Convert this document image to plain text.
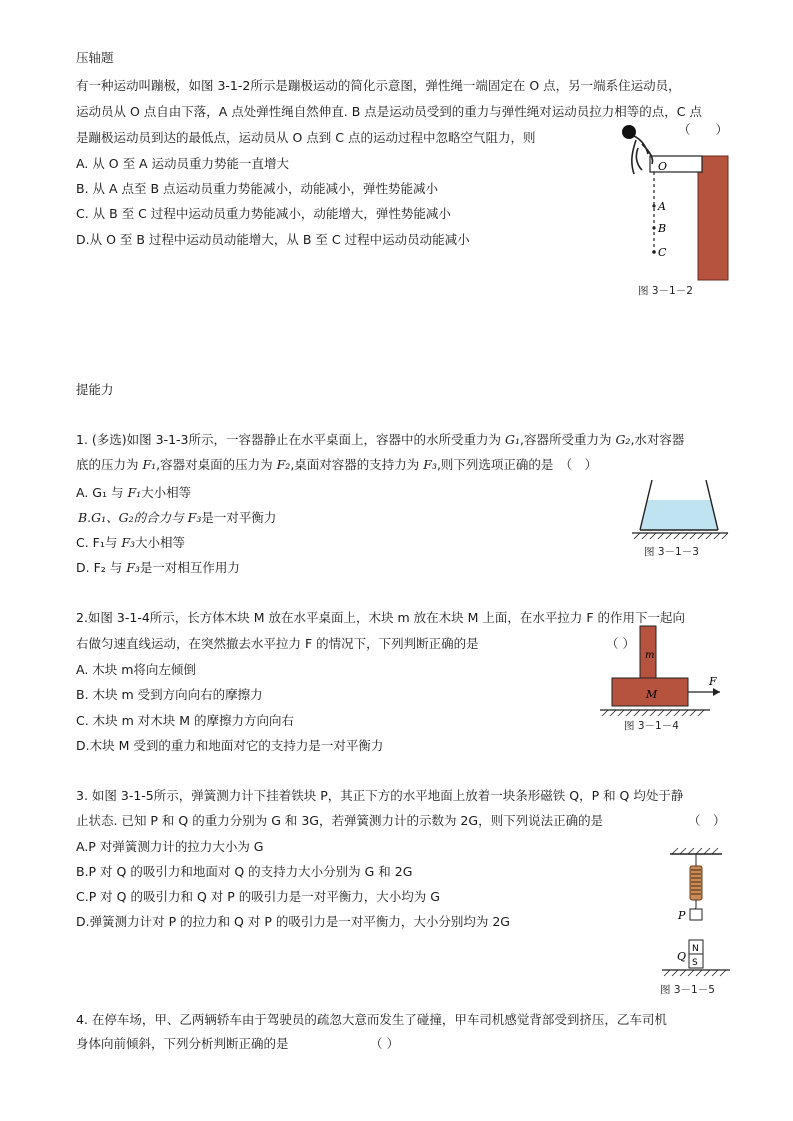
压轴题
有一种运动叫蹦极，如图 3-1-2所示是蹦极运动的简化示意图，弹性绳一端固定在 O 点，另一端系住运动员，
运动员从 O 点自由下落，A 点处弹性绳自然伸直. B 点是运动员受到的重力与弹性绳对运动员拉力相等的点，C 点
是蹦极运动员到达的最低点，运动员从 O 点到 C 点的运动过程中忽略空气阻力，则
（　　）
A. 从 O 至 A 运动员重力势能一直增大
B. 从 A 点至 B 点运动员重力势能减小，动能减小，弹性势能减小
C. 从 B 至 C 过程中运动员重力势能减小，动能增大，弹性势能减小
D.从 O 至 B 过程中运动员动能增大，从 B 至 C 过程中运动员动能减小
O
A
B
C
图 3－1－2
提能力
1. (多选)如图 3-1-3所示，一容器静止在水平桌面上，容器中的水所受重力为 G₁,容器所受重力为 G₂,水对容器
底的压力为 F₁,容器对桌面的压力为 F₂,桌面对容器的支持力为 F₃,则下列选项正确的是　（　）
A. G₁ 与 F₁大小相等
B.G₁、G₂的合力与 F₃是一对平衡力
C. F₁与 F₃大小相等
D. F₂ 与 F₃是一对相互作用力
图 3－1－3
2.如图 3-1-4所示，长方体木块 M 放在水平桌面上，木块 m 放在木块 M 上面，在水平拉力 F 的作用下一起向
右做匀速直线运动，在突然撤去水平拉力 F 的情况下，下列判断正确的是	（ ）
A. 木块 m将向左倾倒
B. 木块 m 受到方向向右的摩擦力
C. 木块 m 对木块 M 的摩擦力方向向右
D.木块 M 受到的重力和地面对它的支持力是一对平衡力
m
M
F
图 3－1－4
3. 如图 3-1-5所示，弹簧测力计下挂着铁块 P，其正下方的水平地面上放着一块条形磁铁 Q，P 和 Q 均处于静
止状态. 已知 P 和 Q 的重力分别为 G 和 3G，若弹簧测力计的示数为 2G，则下列说法正确的是	（　）
A.P 对弹簧测力计的拉力大小为 G
B.P 对 Q 的吸引力和地面对 Q 的支持力大小分别为 G 和 2G
C.P 对 Q 的吸引力和 Q 对 P 的吸引力是一对平衡力，大小均为 G
D.弹簧测力计对 P 的拉力和 Q 对 P 的吸引力是一对平衡力，大小分别均为 2G	P
N
S
Q
图 3－1－5
4. 在停车场，甲、乙两辆轿车由于驾驶员的疏忽大意而发生了碰撞，甲车司机感觉背部受到挤压，乙车司机
身体向前倾斜，下列分析判断正确的是	（ ）
